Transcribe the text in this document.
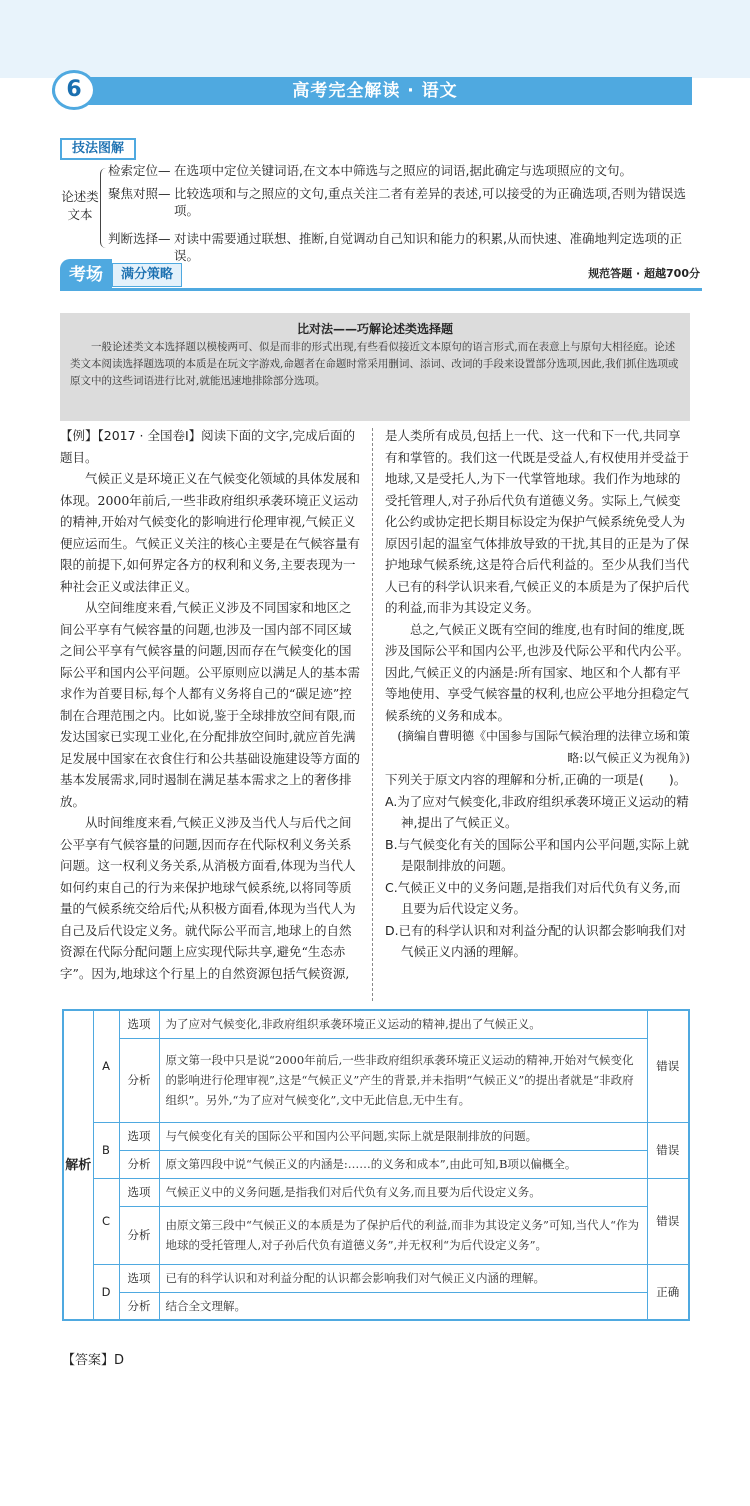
6	高考完全解读 · 语文
技法图解
论述类文本
检索定位— 在选项中定位关键词语,在文本中筛选与之照应的词语,据此确定与选项照应的文句。
聚焦对照— 比较选项和与之照应的文句,重点关注二者有差异的表述,可以接受的为正确选项,否则为错误选项。
判断选择— 对读中需要通过联想、推断,自觉调动自己知识和能力的积累,从而快速、准确地判定选项的正误。
考场	满分策略	规范答题 · 超越700分
比对法——巧解论述类选择题

一般论述类文本选择题以模棱两可、似是而非的形式出现,有些看似接近文本原句的语言形式,而在表意上与原句大相径庭。论述类文本阅读选择题选项的本质是在玩文字游戏,命题者在命题时常采用删词、添词、改词的手段来设置部分选项,因此,我们抓住选项或原文中的这些词语进行比对,就能迅速地排除部分选项。

【例】【2017 · 全国卷Ⅰ】阅读下面的文字,完成后面的题目。

气候正义是环境正义在气候变化领域的具体发展和体现。2000年前后,一些非政府组织承袭环境正义运动的精神,开始对气候变化的影响进行伦理审视,气候正义便应运而生。气候正义关注的核心主要是在气候容量有限的前提下,如何界定各方的权利和义务,主要表现为一种社会正义或法律正义。

从空间维度来看,气候正义涉及不同国家和地区之间公平享有气候容量的问题,也涉及一国内部不同区域之间公平享有气候容量的问题,因而存在气候变化的国际公平和国内公平问题。公平原则应以满足人的基本需求作为首要目标,每个人都有义务将自己的“碳足迹”控制在合理范围之内。比如说,鉴于全球排放空间有限,而发达国家已实现工业化,在分配排放空间时,就应首先满足发展中国家在衣食住行和公共基础设施建设等方面的基本发展需求,同时遏制在满足基本需求之上的奢侈排放。

从时间维度来看,气候正义涉及当代人与后代之间公平享有气候容量的问题,因而存在代际权利义务关系问题。这一权利义务关系,从消极方面看,体现为当代人如何约束自己的行为来保护地球气候系统,以将同等质量的气候系统交给后代;从积极方面看,体现为当代人为自己及后代设定义务。就代际公平而言,地球上的自然资源在代际分配问题上应实现代际共享,避免“生态赤字”。因为,地球这个行星上的自然资源包括气候资源,

是人类所有成员,包括上一代、这一代和下一代,共同享有和掌管的。我们这一代既是受益人,有权使用并受益于地球,又是受托人,为下一代掌管地球。我们作为地球的受托管理人,对子孙后代负有道德义务。实际上,气候变化公约或协定把长期目标设定为保护气候系统免受人为原因引起的温室气体排放导致的干扰,其目的正是为了保护地球气候系统,这是符合后代利益的。至少从我们当代人已有的科学认识来看,气候正义的本质是为了保护后代的利益,而非为其设定义务。

总之,气候正义既有空间的维度,也有时间的维度,既涉及国际公平和国内公平,也涉及代际公平和代内公平。因此,气候正义的内涵是:所有国家、地区和个人都有平等地使用、享受气候容量的权利,也应公平地分担稳定气候系统的义务和成本。

(摘编自曹明德《中国参与国际气候治理的法律立场和策略:以气候正义为视角》)

下列关于原文内容的理解和分析,正确的一项是(　　)。

A.为了应对气候变化,非政府组织承袭环境正义运动的精神,提出了气候正义。

B.与气候变化有关的国际公平和国内公平问题,实际上就是限制排放的问题。

C.气候正义中的义务问题,是指我们对后代负有义务,而且要为后代设定义务。

D.已有的科学认识和对利益分配的认识都会影响我们对气候正义内涵的理解。

解析	A	选项	为了应对气候变化,非政府组织承袭环境正义运动的精神,提出了气候正义。	错误
		分析	原文第一段中只是说“2000年前后,一些非政府组织承袭环境正义运动的精神,开始对气候变化的影响进行伦理审视”,这是“气候正义”产生的背景,并未指明“气候正义”的提出者就是“非政府组织”。另外,“为了应对气候变化”,文中无此信息,无中生有。	
	B	选项	与气候变化有关的国际公平和国内公平问题,实际上就是限制排放的问题。	错误
		分析	原文第四段中说“气候正义的内涵是:……的义务和成本”,由此可知,B项以偏概全。	
	C	选项	气候正义中的义务问题,是指我们对后代负有义务,而且要为后代设定义务。	错误
		分析	由原文第三段中“气候正义的本质是为了保护后代的利益,而非为其设定义务”可知,当代人“作为地球的受托管理人,对子孙后代负有道德义务”,并无权利“为后代设定义务”。	
	D	选项	已有的科学认识和对利益分配的认识都会影响我们对气候正义内涵的理解。	正确
		分析	结合全文理解。	
【答案】D
